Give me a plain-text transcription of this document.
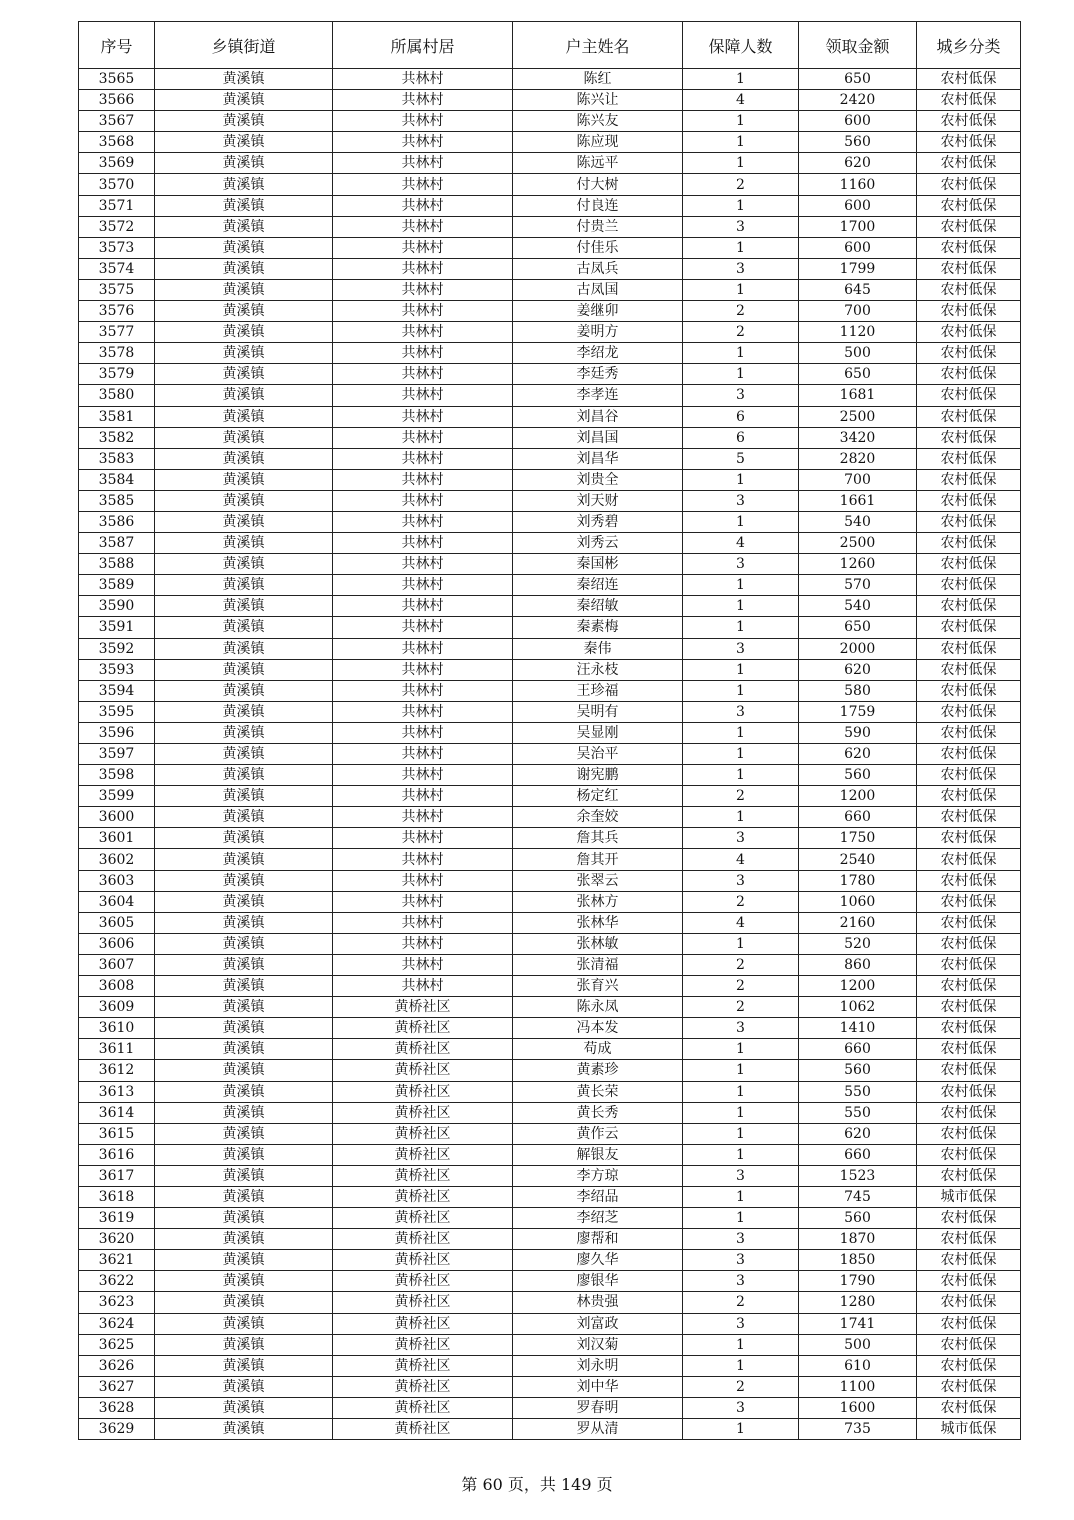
序号	乡镇街道	所属村居	户主姓名	保障人数	领取金额	城乡分类
3565	黄溪镇	共林村	陈红	1	650	农村低保
3566	黄溪镇	共林村	陈兴让	4	2420	农村低保
3567	黄溪镇	共林村	陈兴友	1	600	农村低保
3568	黄溪镇	共林村	陈应现	1	560	农村低保
3569	黄溪镇	共林村	陈远平	1	620	农村低保
3570	黄溪镇	共林村	付大树	2	1160	农村低保
3571	黄溪镇	共林村	付良连	1	600	农村低保
3572	黄溪镇	共林村	付贵兰	3	1700	农村低保
3573	黄溪镇	共林村	付佳乐	1	600	农村低保
3574	黄溪镇	共林村	古凤兵	3	1799	农村低保
3575	黄溪镇	共林村	古凤国	1	645	农村低保
3576	黄溪镇	共林村	姜继卯	2	700	农村低保
3577	黄溪镇	共林村	姜明方	2	1120	农村低保
3578	黄溪镇	共林村	李绍龙	1	500	农村低保
3579	黄溪镇	共林村	李廷秀	1	650	农村低保
3580	黄溪镇	共林村	李孝连	3	1681	农村低保
3581	黄溪镇	共林村	刘昌谷	6	2500	农村低保
3582	黄溪镇	共林村	刘昌国	6	3420	农村低保
3583	黄溪镇	共林村	刘昌华	5	2820	农村低保
3584	黄溪镇	共林村	刘贵全	1	700	农村低保
3585	黄溪镇	共林村	刘天财	3	1661	农村低保
3586	黄溪镇	共林村	刘秀碧	1	540	农村低保
3587	黄溪镇	共林村	刘秀云	4	2500	农村低保
3588	黄溪镇	共林村	秦国彬	3	1260	农村低保
3589	黄溪镇	共林村	秦绍连	1	570	农村低保
3590	黄溪镇	共林村	秦绍敏	1	540	农村低保
3591	黄溪镇	共林村	秦素梅	1	650	农村低保
3592	黄溪镇	共林村	秦伟	3	2000	农村低保
3593	黄溪镇	共林村	汪永枝	1	620	农村低保
3594	黄溪镇	共林村	王珍福	1	580	农村低保
3595	黄溪镇	共林村	吴明有	3	1759	农村低保
3596	黄溪镇	共林村	吴显刚	1	590	农村低保
3597	黄溪镇	共林村	吴治平	1	620	农村低保
3598	黄溪镇	共林村	谢宪鹏	1	560	农村低保
3599	黄溪镇	共林村	杨定红	2	1200	农村低保
3600	黄溪镇	共林村	余奎姣	1	660	农村低保
3601	黄溪镇	共林村	詹其兵	3	1750	农村低保
3602	黄溪镇	共林村	詹其开	4	2540	农村低保
3603	黄溪镇	共林村	张翠云	3	1780	农村低保
3604	黄溪镇	共林村	张林方	2	1060	农村低保
3605	黄溪镇	共林村	张林华	4	2160	农村低保
3606	黄溪镇	共林村	张林敏	1	520	农村低保
3607	黄溪镇	共林村	张清福	2	860	农村低保
3608	黄溪镇	共林村	张育兴	2	1200	农村低保
3609	黄溪镇	黄桥社区	陈永凤	2	1062	农村低保
3610	黄溪镇	黄桥社区	冯本发	3	1410	农村低保
3611	黄溪镇	黄桥社区	苟成	1	660	农村低保
3612	黄溪镇	黄桥社区	黄素珍	1	560	农村低保
3613	黄溪镇	黄桥社区	黄长荣	1	550	农村低保
3614	黄溪镇	黄桥社区	黄长秀	1	550	农村低保
3615	黄溪镇	黄桥社区	黄作云	1	620	农村低保
3616	黄溪镇	黄桥社区	解银友	1	660	农村低保
3617	黄溪镇	黄桥社区	李方琼	3	1523	农村低保
3618	黄溪镇	黄桥社区	李绍品	1	745	城市低保
3619	黄溪镇	黄桥社区	李绍芝	1	560	农村低保
3620	黄溪镇	黄桥社区	廖帮和	3	1870	农村低保
3621	黄溪镇	黄桥社区	廖久华	3	1850	农村低保
3622	黄溪镇	黄桥社区	廖银华	3	1790	农村低保
3623	黄溪镇	黄桥社区	林贵强	2	1280	农村低保
3624	黄溪镇	黄桥社区	刘富政	3	1741	农村低保
3625	黄溪镇	黄桥社区	刘汉菊	1	500	农村低保
3626	黄溪镇	黄桥社区	刘永明	1	610	农村低保
3627	黄溪镇	黄桥社区	刘中华	2	1100	农村低保
3628	黄溪镇	黄桥社区	罗春明	3	1600	农村低保
3629	黄溪镇	黄桥社区	罗从清	1	735	城市低保
第 60 页，共 149 页
